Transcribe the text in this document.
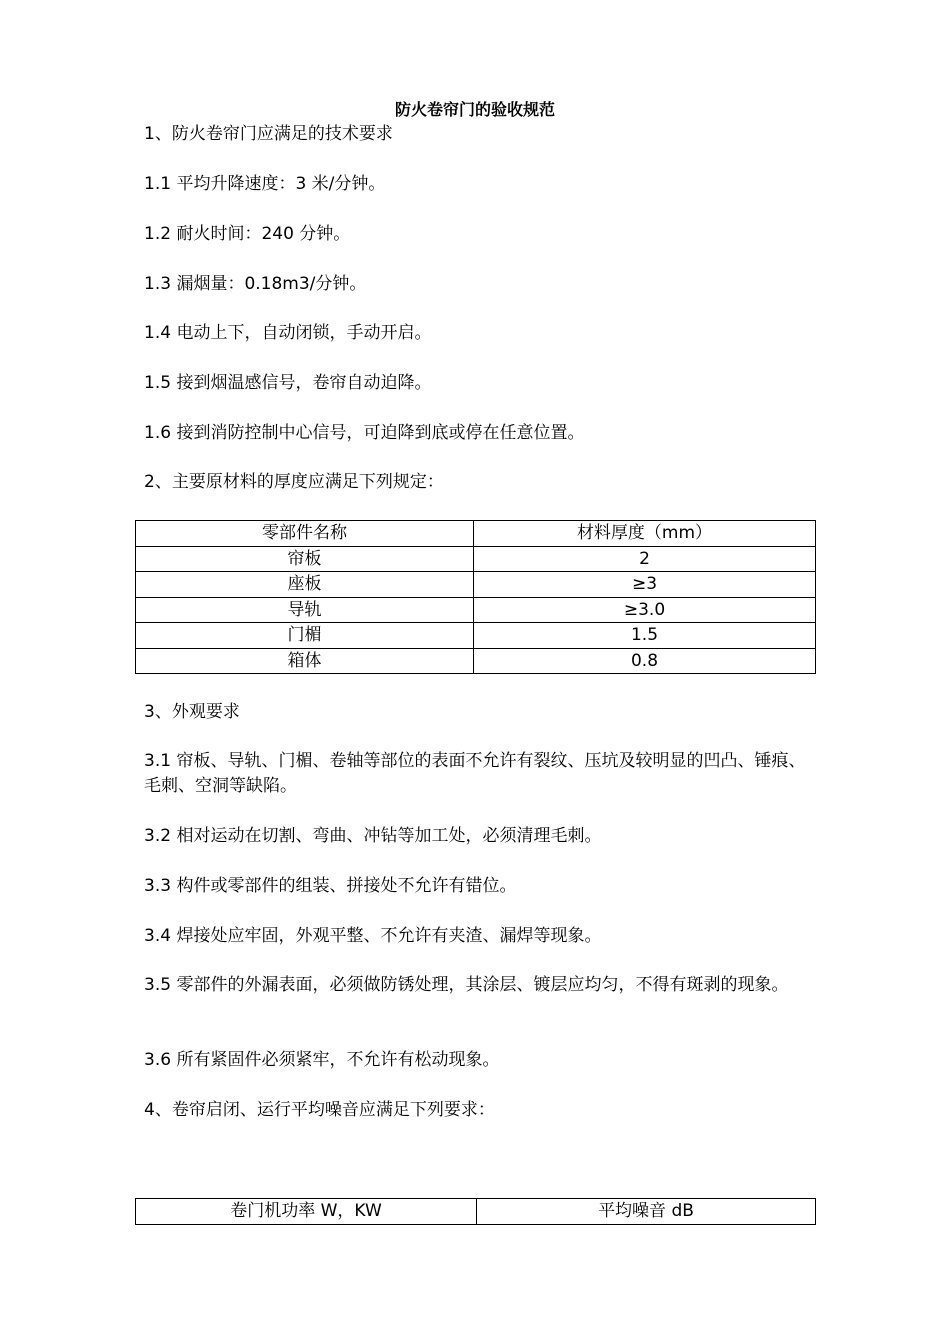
防火卷帘门的验收规范
1、防火卷帘门应满足的技术要求
1.1 平均升降速度：3 米/分钟。
1.2 耐火时间：240 分钟。
1.3 漏烟量：0.18m3/分钟。
1.4 电动上下，自动闭锁，手动开启。
1.5 接到烟温感信号，卷帘自动迫降。
1.6 接到消防控制中心信号，可迫降到底或停在任意位置。
2、主要原材料的厚度应满足下列规定：
零部件名称	材料厚度（mm）
帘板	2
座板	≥3
导轨	≥3.0
门楣	1.5
箱体	0.8
3、外观要求
3.1 帘板、导轨、门楣、卷轴等部位的表面不允许有裂纹、压坑及较明显的凹凸、锤痕、毛刺、空洞等缺陷。
3.2 相对运动在切割、弯曲、冲钻等加工处，必须清理毛刺。
3.3 构件或零部件的组装、拼接处不允许有错位。
3.4 焊接处应牢固，外观平整、不允许有夹渣、漏焊等现象。
3.5 零部件的外漏表面，必须做防锈处理，其涂层、镀层应均匀，不得有斑剥的现象。
3.6 所有紧固件必须紧牢，不允许有松动现象。
4、卷帘启闭、运行平均噪音应满足下列要求：
卷门机功率 W，KW	平均噪音 dB
